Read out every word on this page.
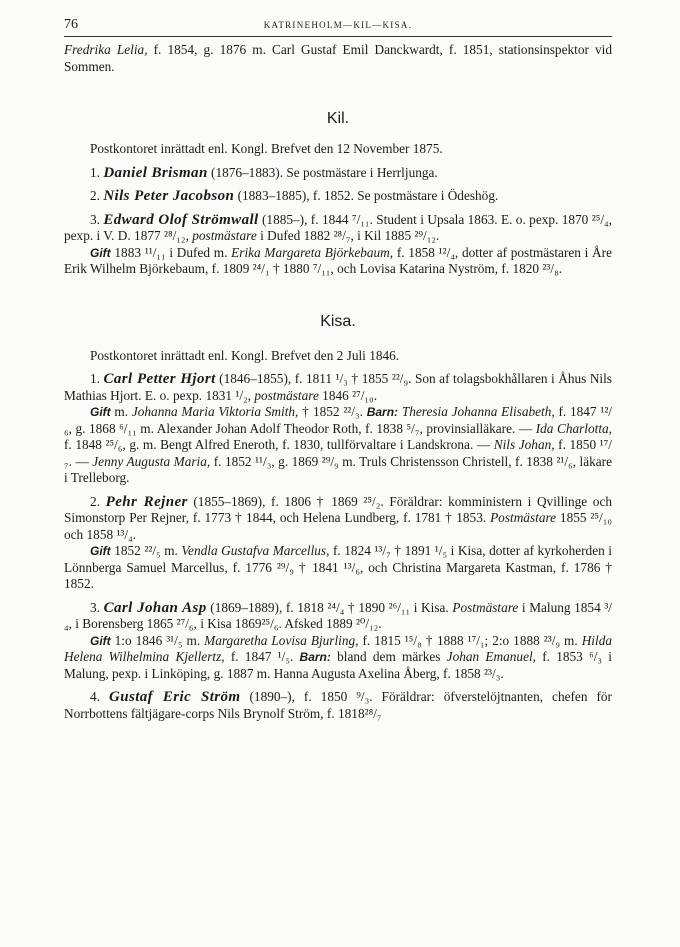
76	KATRINEHOLM—KIL—KISA.

Fredrika Lelia, f. 1854, g. 1876 m. Carl Gustaf Emil Danckwardt, f. 1851, stationsinspektor vid Sommen.

Kil.

Postkontoret inrättadt enl. Kongl. Brefvet den 12 November 1875.

1. Daniel Brisman (1876–1883). Se postmästare i Herrljunga.

2. Nils Peter Jacobson (1883–1885), f. 1852. Se postmästare i Ödeshög.

3. Edward Olof Strömwall (1885–), f. 1844 ⁷/₁₁. Student i Upsala 1863. E. o. pexp. 1870 ²⁵/₄, pexp. i V. D. 1877 ²⁸/₁₂, postmästare i Dufed 1882 ²⁸/₇, i Kil 1885 ²⁹/₁₂.

Gift 1883 ¹¹/₁₁ i Dufed m. Erika Margareta Björkebaum, f. 1858 ¹²/₄, dotter af postmästaren i Åre Erik Wilhelm Björkebaum, f. 1809 ²⁴/₁ † 1880 ⁷/₁₁, och Lovisa Katarina Nyström, f. 1820 ²³/₈.

Kisa.

Postkontoret inrättadt enl. Kongl. Brefvet den 2 Juli 1846.

1. Carl Petter Hjort (1846–1855), f. 1811 ¹/₃ † 1855 ²²/₉. Son af tolagsbokhållaren i Åhus Nils Mathias Hjort. E. o. pexp. 1831 ¹/₂, postmästare 1846 ²⁷/₁₀.

Gift m. Johanna Maria Viktoria Smith, † 1852 ²²/₃. Barn: Theresia Johanna Elisabeth, f. 1847 ¹²/₆, g. 1868 ⁶/₁₁ m. Alexander Johan Adolf Theodor Roth, f. 1838 ⁵/₇, provinsialläkare. — Ida Charlotta, f. 1848 ²⁵/₆, g. m. Bengt Alfred Eneroth, f. 1830, tullförvaltare i Landskrona. — Nils Johan, f. 1850 ¹⁷/₇. — Jenny Augusta Maria, f. 1852 ¹¹/₃, g. 1869 ²⁹/₉ m. Truls Christensson Christell, f. 1838 ²¹/₆, läkare i Trelleborg.

2. Pehr Rejner (1855–1869), f. 1806 † 1869 ²⁵/₂. Föräldrar: komministern i Qvillinge och Simonstorp Per Rejner, f. 1773 † 1844, och Helena Lundberg, f. 1781 † 1853. Postmästare 1855 ²⁵/₁₀ och 1858 ¹³/₄.

Gift 1852 ²²/₅ m. Vendla Gustafva Marcellus, f. 1824 ¹³/₇ † 1891 ¹/₅ i Kisa, dotter af kyrkoherden i Lönnberga Samuel Marcellus, f. 1776 ²⁹/₉ † 1841 ¹³/₆, och Christina Margareta Kastman, f. 1786 † 1852.

3. Carl Johan Asp (1869–1889), f. 1818 ²⁴/₄ † 1890 ²⁶/₁₁ i Kisa. Postmästare i Malung 1854 ³/₄, i Borensberg 1865 ²⁷/₆, i Kisa 1869²⁵/₆. Afsked 1889 ²⁰/₁₂.

Gift 1:o 1846 ³¹/₅ m. Margaretha Lovisa Bjurling, f. 1815 ¹⁵/₈ † 1888 ¹⁷/₁; 2:o 1888 ²³/₉ m. Hilda Helena Wilhelmina Kjellertz, f. 1847 ¹/₅. Barn: bland dem märkes Johan Emanuel, f. 1853 ⁶/₃ i Malung, pexp. i Linköping, g. 1887 m. Hanna Augusta Axelina Åberg, f. 1858 ²³/₃.

4. Gustaf Eric Ström (1890–), f. 1850 ⁹/₃. Föräldrar: öfverstelöjtnanten, chefen för Norrbottens fältjägare-corps Nils Brynolf Ström, f. 1818²⁸/₇
